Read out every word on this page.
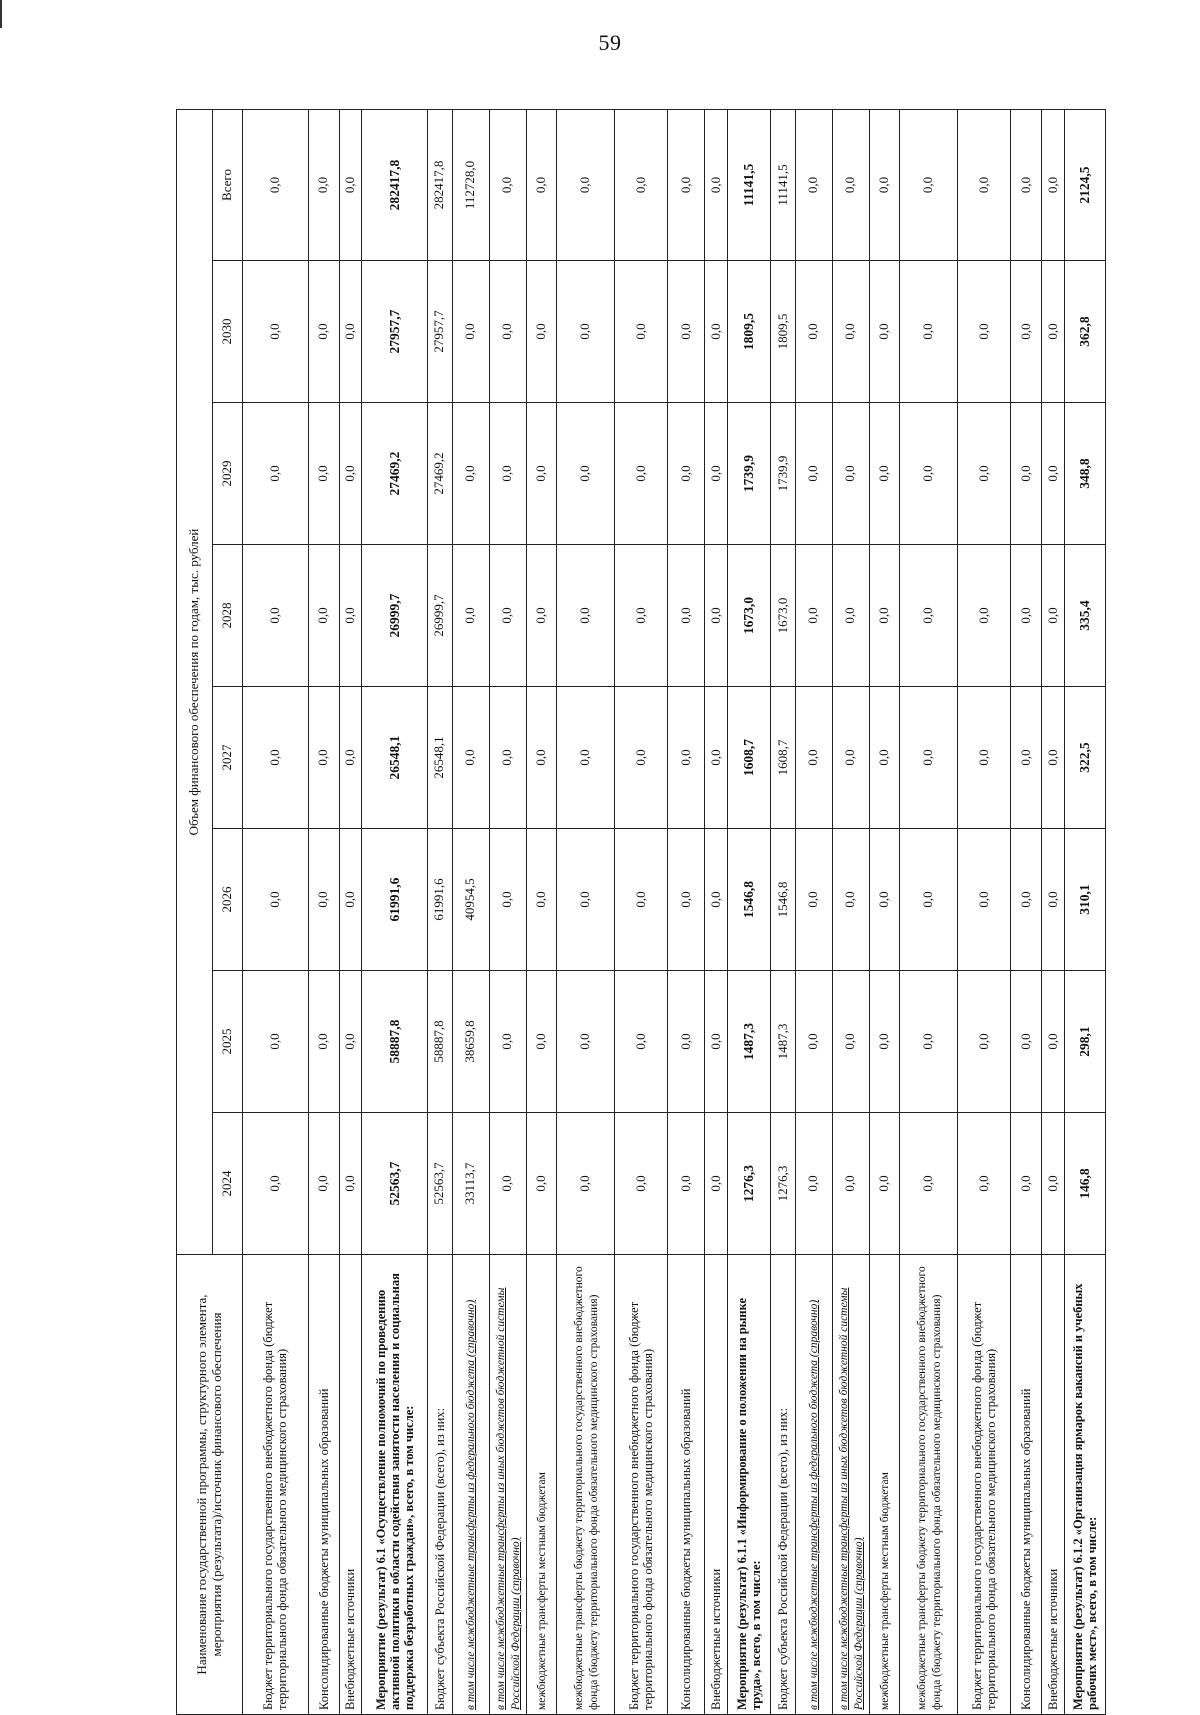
59
Наименование государственной программы, структурного элемента, мероприятия (результата)/источник финансового обеспечения	Объем финансового обеспечения по годам, тыс. рублей							
	2024	2025	2026	2027	2028	2029	2030	Всего
Бюджет территориального государственного внебюджетного фонда (бюджет территориального фонда обязательного медицинского страхования)	0,0	0,0	0,0	0,0	0,0	0,0	0,0	0,0
Консолидированные бюджеты муниципальных образований	0,0	0,0	0,0	0,0	0,0	0,0	0,0	0,0
Внебюджетные источники	0,0	0,0	0,0	0,0	0,0	0,0	0,0	0,0
Мероприятие (результат) 6.1 «Осуществление полномочий по проведению активной политики в области содействия занятости населения и социальная поддержка безработных граждан», всего, в том числе:	52563,7	58887,8	61991,6	26548,1	26999,7	27469,2	27957,7	282417,8
Бюджет субъекта Российской Федерации (всего), из них:	52563,7	58887,8	61991,6	26548,1	26999,7	27469,2	27957,7	282417,8
в том числе межбюджетные трансферты из федерального бюджета (справочно)	33113,7	38659,8	40954,5	0,0	0,0	0,0	0,0	112728,0
в том числе межбюджетные трансферты из иных бюджетов бюджетной системы Российской Федерации (справочно)	0,0	0,0	0,0	0,0	0,0	0,0	0,0	0,0
межбюджетные трансферты местным бюджетам	0,0	0,0	0,0	0,0	0,0	0,0	0,0	0,0
межбюджетные трансферты бюджету территориального государственного внебюджетного фонда (бюджету территориального фонда обязательного медицинского страхования)	0,0	0,0	0,0	0,0	0,0	0,0	0,0	0,0
Бюджет территориального государственного внебюджетного фонда (бюджет территориального фонда обязательного медицинского страхования)	0,0	0,0	0,0	0,0	0,0	0,0	0,0	0,0
Консолидированные бюджеты муниципальных образований	0,0	0,0	0,0	0,0	0,0	0,0	0,0	0,0
Внебюджетные источники	0,0	0,0	0,0	0,0	0,0	0,0	0,0	0,0
Мероприятие (результат) 6.1.1 «Информирование о положении на рынке труда», всего, в том числе:	1276,3	1487,3	1546,8	1608,7	1673,0	1739,9	1809,5	11141,5
Бюджет субъекта Российской Федерации (всего), из них:	1276,3	1487,3	1546,8	1608,7	1673,0	1739,9	1809,5	11141,5
в том числе межбюджетные трансферты из федерального бюджета (справочно)	0,0	0,0	0,0	0,0	0,0	0,0	0,0	0,0
в том числе межбюджетные трансферты из иных бюджетов бюджетной системы Российской Федерации (справочно)	0,0	0,0	0,0	0,0	0,0	0,0	0,0	0,0
межбюджетные трансферты местным бюджетам	0,0	0,0	0,0	0,0	0,0	0,0	0,0	0,0
межбюджетные трансферты бюджету территориального государственного внебюджетного фонда (бюджету территориального фонда обязательного медицинского страхования)	0,0	0,0	0,0	0,0	0,0	0,0	0,0	0,0
Бюджет территориального государственного внебюджетного фонда (бюджет территориального фонда обязательного медицинского страхования)	0,0	0,0	0,0	0,0	0,0	0,0	0,0	0,0
Консолидированные бюджеты муниципальных образований	0,0	0,0	0,0	0,0	0,0	0,0	0,0	0,0
Внебюджетные источники	0,0	0,0	0,0	0,0	0,0	0,0	0,0	0,0
Мероприятие (результат) 6.1.2 «Организация ярмарок вакансий и учебных рабочих мест», всего, в том числе:	146,8	298,1	310,1	322,5	335,4	348,8	362,8	2124,5
